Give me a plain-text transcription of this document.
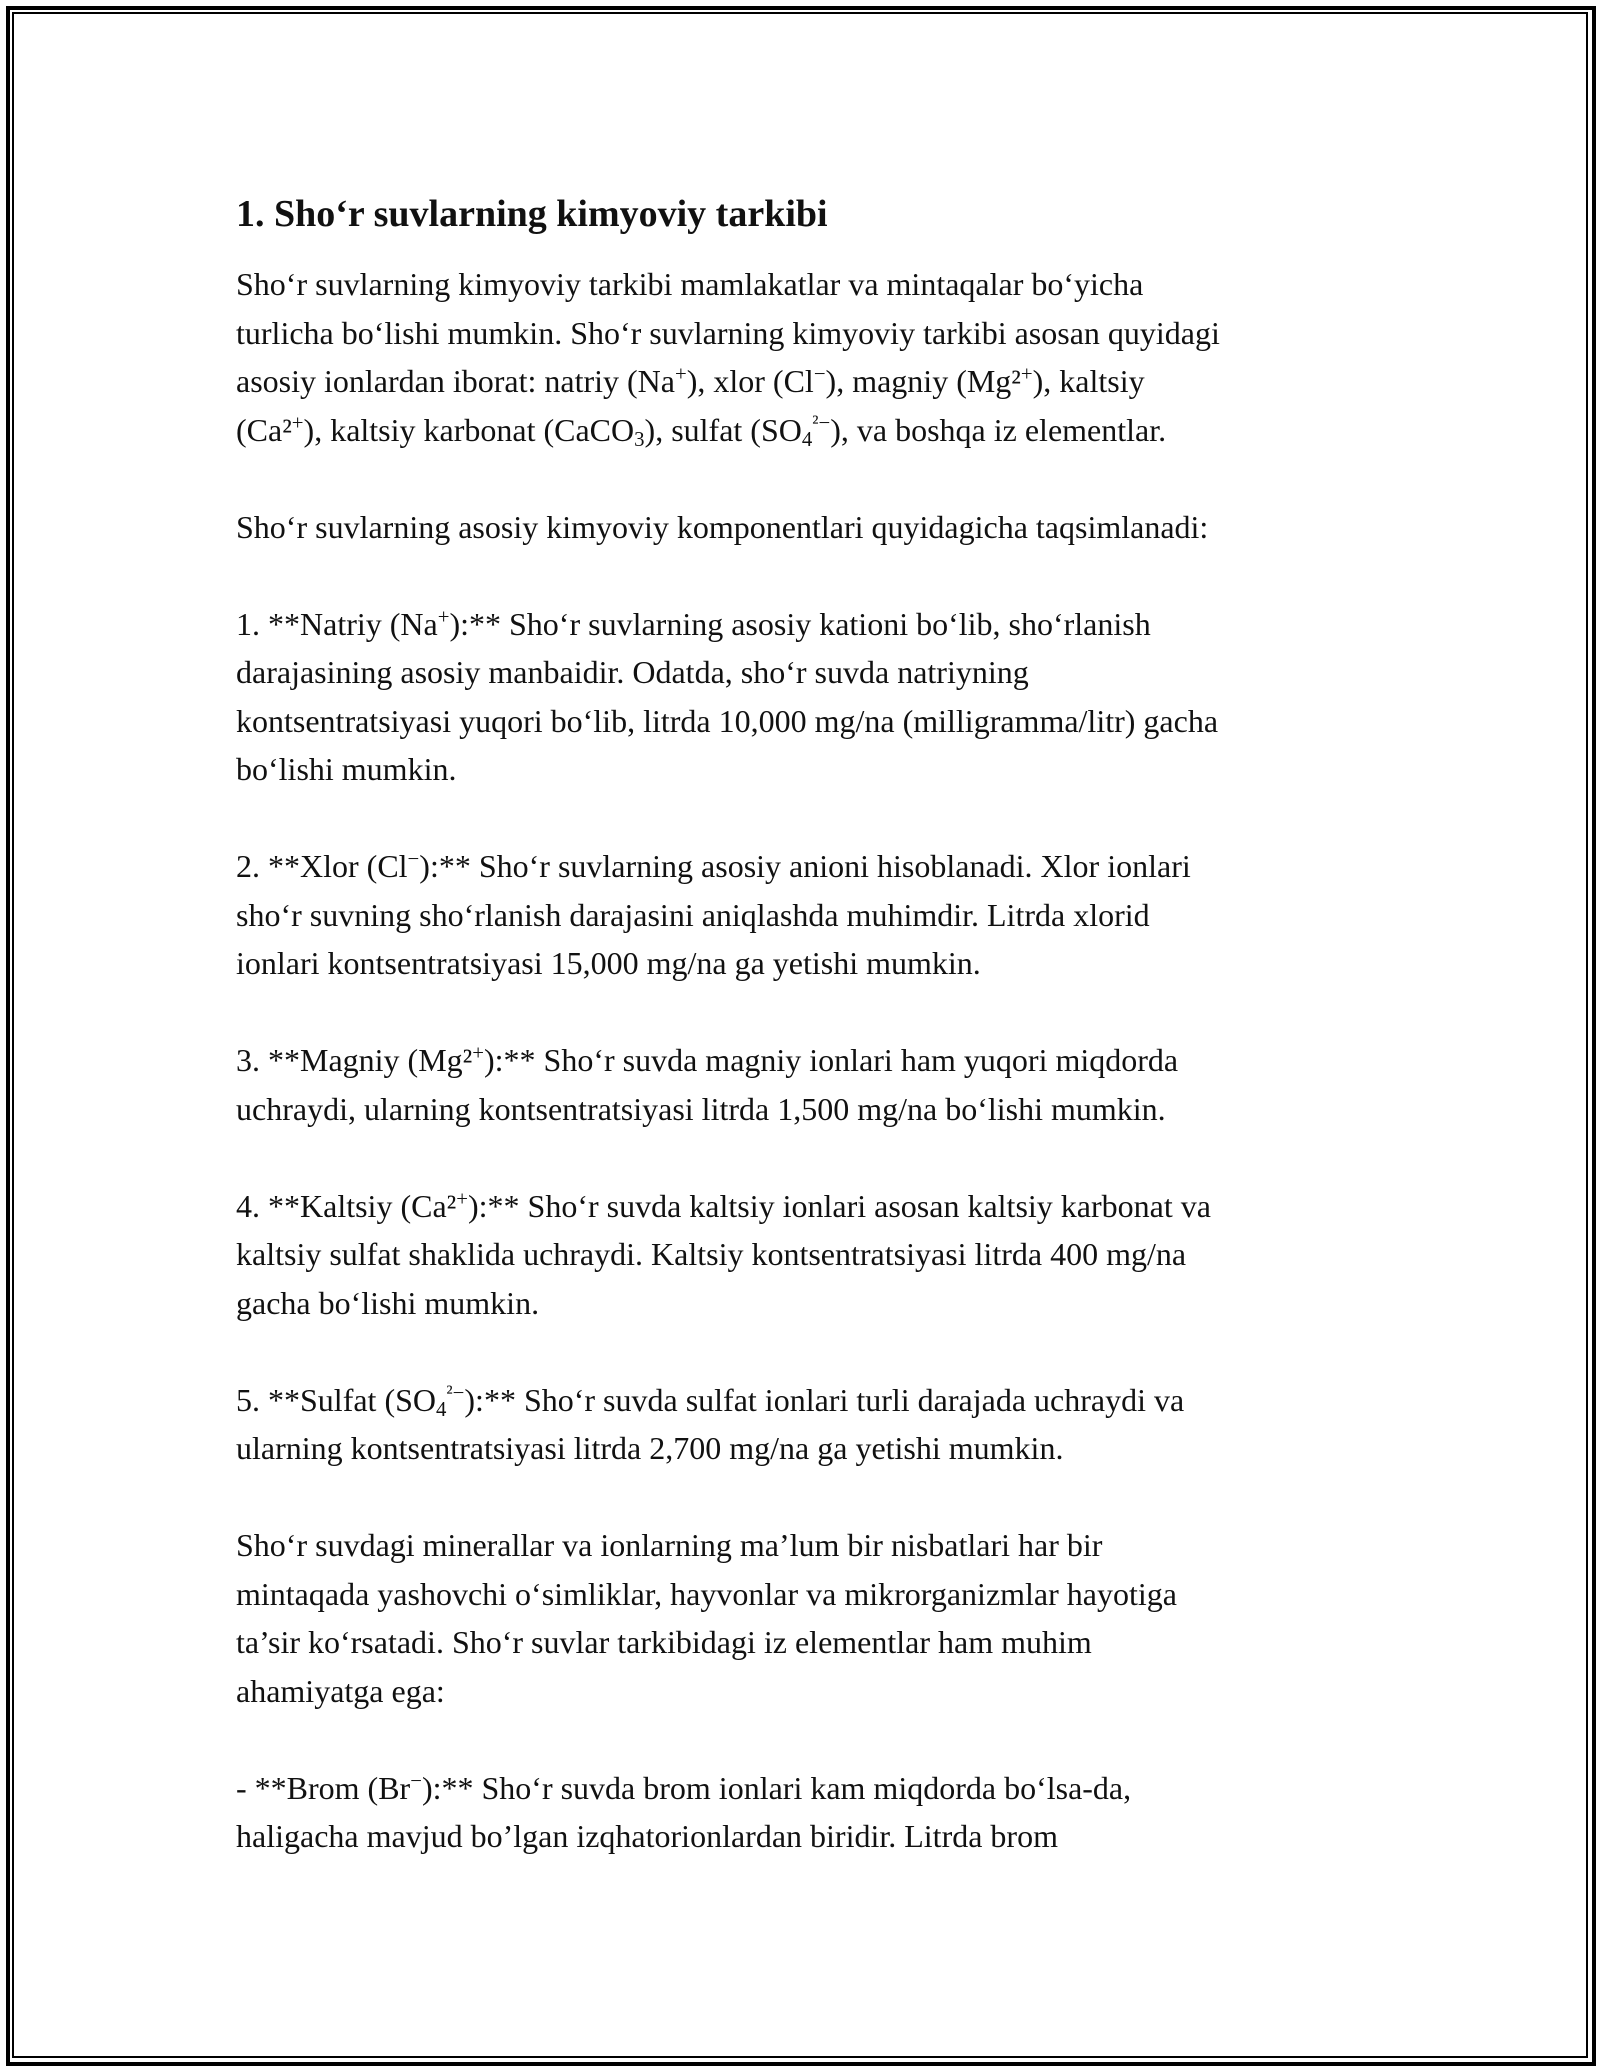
1. Sho‘r suvlarning kimyoviy tarkibi

Sho‘r suvlarning kimyoviy tarkibi mamlakatlar va mintaqalar bo‘yicha
turlicha bo‘lishi mumkin. Sho‘r suvlarning kimyoviy tarkibi asosan quyidagi
asosiy ionlardan iborat: natriy (Na+), xlor (Cl−), magniy (Mg²+), kaltsiy
(Ca²+), kaltsiy karbonat (CaCO$_3$), sulfat $(SO_4^{^2-})$, va boshqa iz elementlar.

Sho‘r suvlarning asosiy kimyoviy komponentlari quyidagicha taqsimlanadi:

1. **Natriy (Na+):** Sho‘r suvlarning asosiy kationi bo‘lib, sho‘rlanish
darajasining asosiy manbaidir. Odatda, sho‘r suvda natriyning
kontsentratsiyasi yuqori bo‘lib, litrda 10,000 mg/na (milligramma/litr) gacha
bo‘lishi mumkin.

2. **Xlor (Cl−):** Sho‘r suvlarning asosiy anioni hisoblanadi. Xlor ionlari
sho‘r suvning sho‘rlanish darajasini aniqlashda muhimdir. Litrda xlorid
ionlari kontsentratsiyasi 15,000 mg/na ga yetishi mumkin.

3. **Magniy (Mg²+):** Sho‘r suvda magniy ionlari ham yuqori miqdorda
uchraydi, ularning kontsentratsiyasi litrda 1,500 mg/na bo‘lishi mumkin.

4. **Kaltsiy (Ca²+):** Sho‘r suvda kaltsiy ionlari asosan kaltsiy karbonat va
kaltsiy sulfat shaklida uchraydi. Kaltsiy kontsentratsiyasi litrda 400 mg/na
gacha bo‘lishi mumkin.

5. **Sulfat $(SO_4^{^2-}):**$ Sho‘r suvda sulfat ionlari turli darajada uchraydi va
ularning kontsentratsiyasi litrda 2,700 mg/na ga yetishi mumkin.

Sho‘r suvdagi minerallar va ionlarning ma’lum bir nisbatlari har bir
mintaqada yashovchi o‘simliklar, hayvonlar va mikrorganizmlar hayotiga
ta’sir ko‘rsatadi. Sho‘r suvlar tarkibidagi iz elementlar ham muhim
ahamiyatga ega:

- **Brom (Br−):** Sho‘r suvda brom ionlari kam miqdorda bo‘lsa-da,
haligacha mavjud bo’lgan izqhatorionlardan biridir. Litrda brom
